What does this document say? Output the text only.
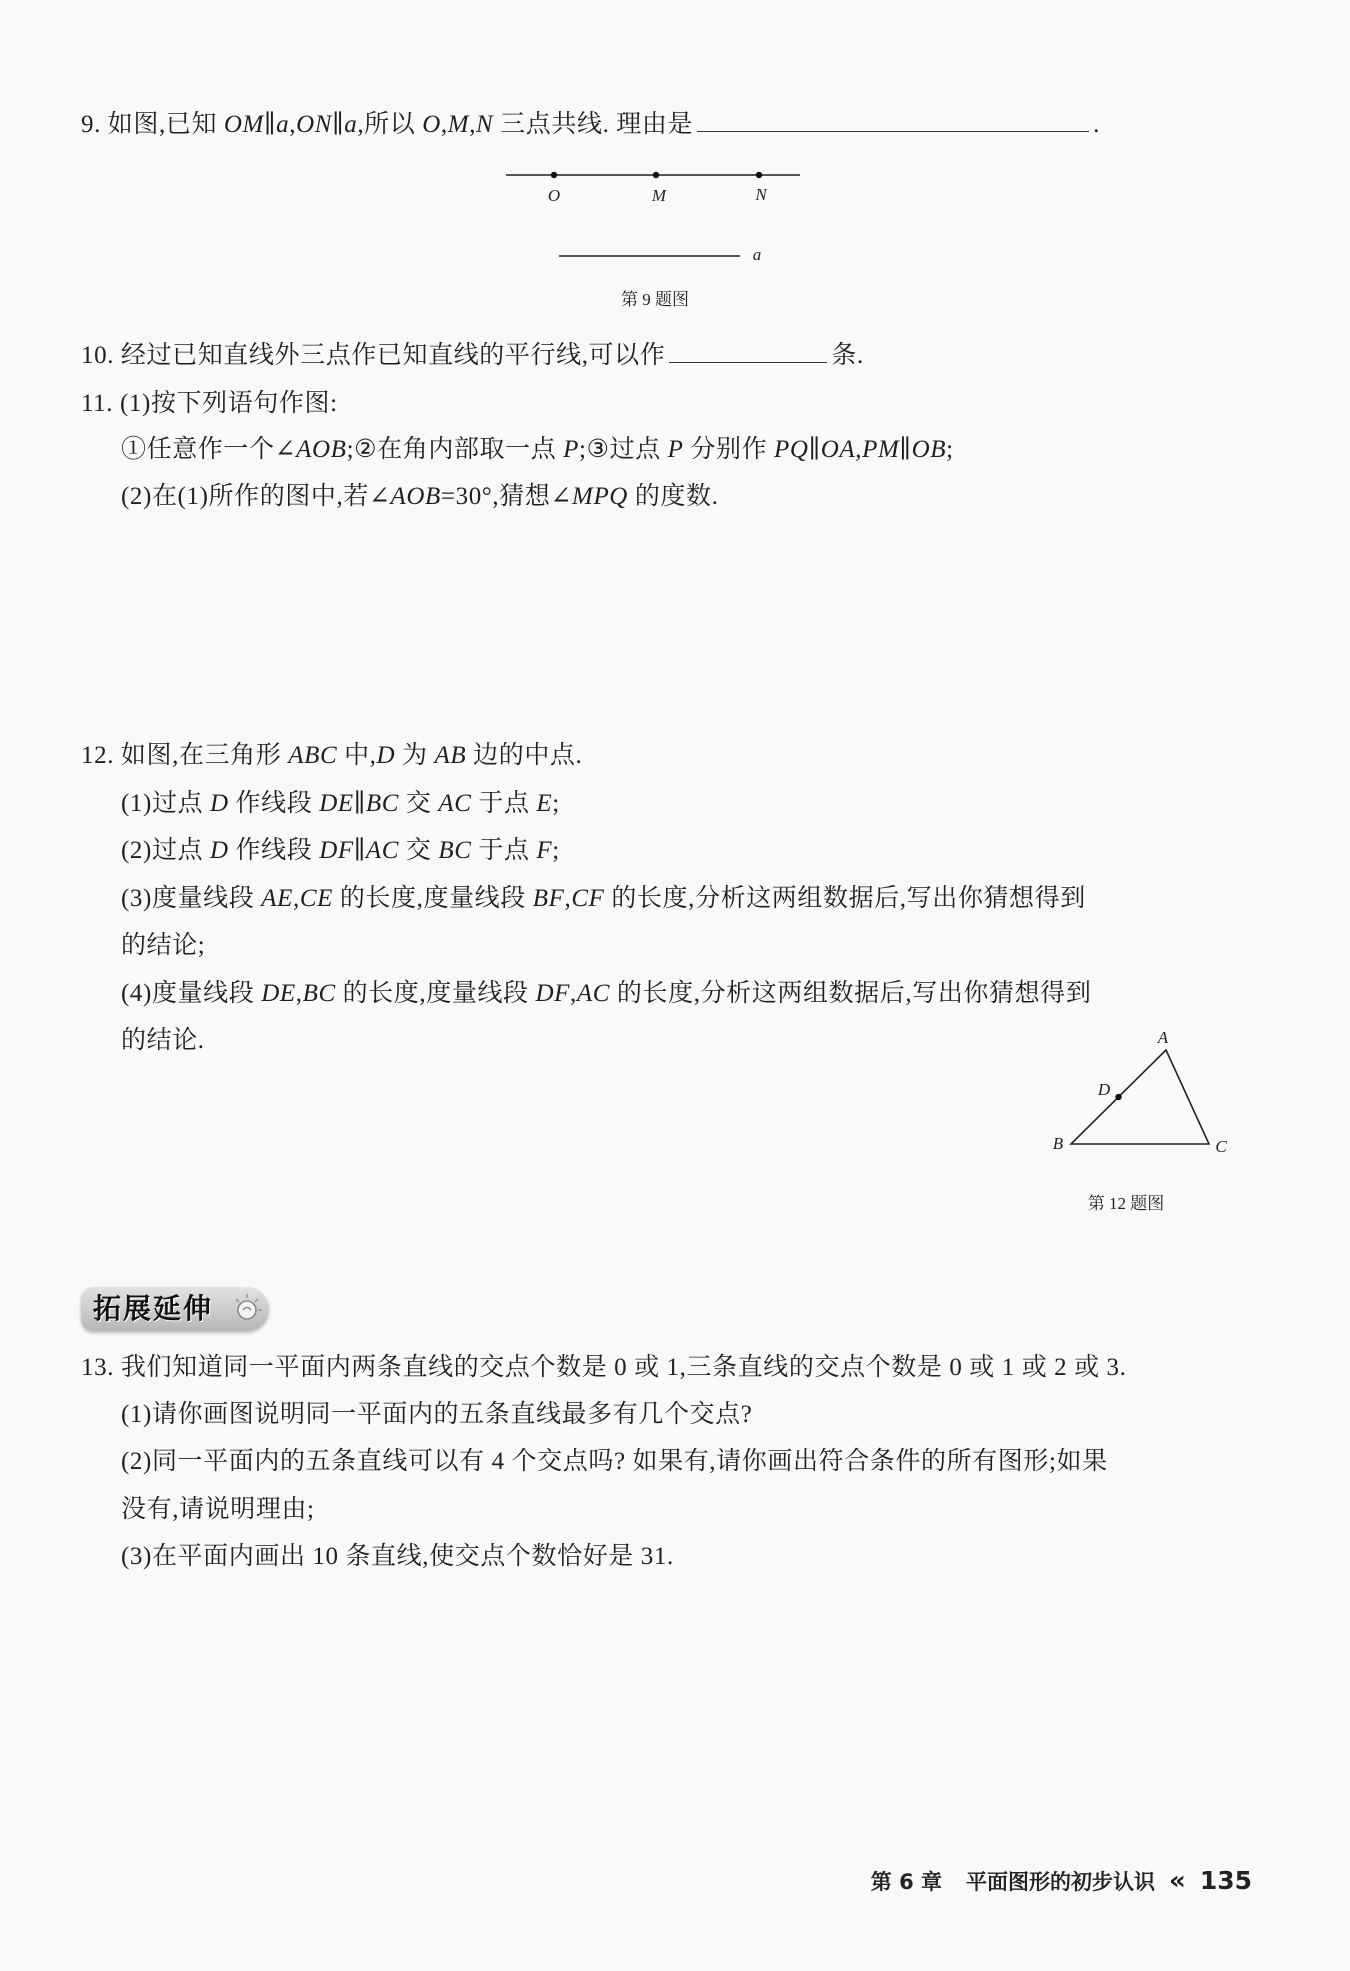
9. 如图,已知 OM∥a,ON∥a,所以 O,M,N 三点共线. 理由是	.
O	M	N
a
第 9 题图
10. 经过已知直线外三点作已知直线的平行线,可以作	条.
11. (1)按下列语句作图:
①任意作一个∠AOB;②在角内部取一点 P;③过点 P 分别作 PQ∥OA,PM∥OB;
(2)在(1)所作的图中,若∠AOB=30°,猜想∠MPQ 的度数.
12. 如图,在三角形 ABC 中,D 为 AB 边的中点.
(1)过点 D 作线段 DE∥BC 交 AC 于点 E;
(2)过点 D 作线段 DF∥AC 交 BC 于点 F;
(3)度量线段 AE,CE 的长度,度量线段 BF,CF 的长度,分析这两组数据后,写出你猜想得到
的结论;
(4)度量线段 DE,BC 的长度,度量线段 DF,AC 的长度,分析这两组数据后,写出你猜想得到
的结论.	A
B	C
D
第 12 题图
拓展延伸
13. 我们知道同一平面内两条直线的交点个数是 0 或 1,三条直线的交点个数是 0 或 1 或 2 或 3.
(1)请你画图说明同一平面内的五条直线最多有几个交点?
(2)同一平面内的五条直线可以有 4 个交点吗? 如果有,请你画出符合条件的所有图形;如果
没有,请说明理由;
(3)在平面内画出 10 条直线,使交点个数恰好是 31.
第 6 章 平面图形的初步认识
« 135
